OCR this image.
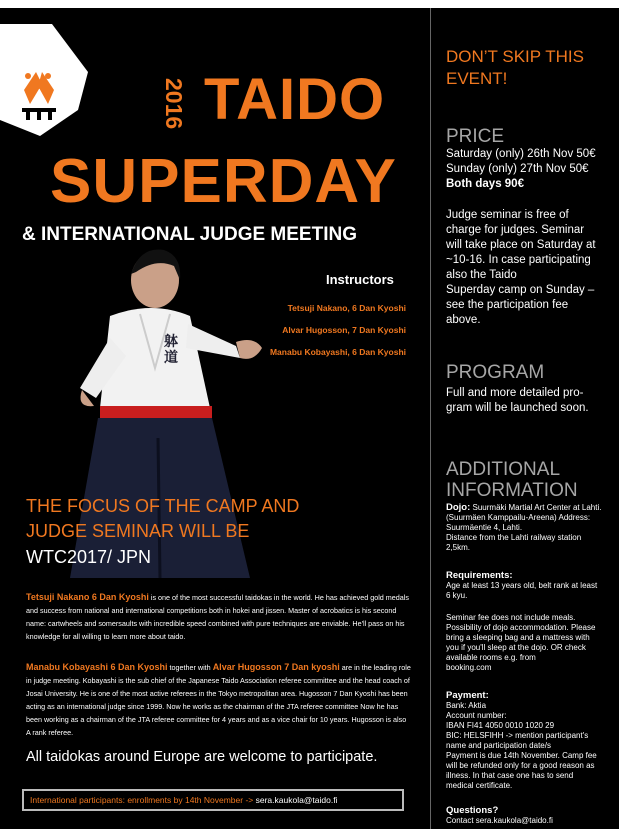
2016 TAIDO
SUPERDAY
& INTERNATIONAL JUDGE MEETING
躰
道
Instructors
Tetsuji Nakano, 6 Dan Kyoshi
Alvar Hugosson, 7 Dan Kyoshi
Manabu Kobayashi, 6 Dan Kyoshi
THE FOCUS OF THE CAMP AND
JUDGE SEMINAR WILL BE
WTC2017/ JPN
Tetsuji Nakano 6 Dan Kyoshi is one of the most successful taidokas in the world. He has achieved gold medals and success from national and international competitions both in hokei and jissen. Master of acrobatics is his second name: cartwheels and somersaults with incredible speed combined with pure techniques are enviable. He'll pass on his knowledge for all willing to learn more about taido.
Manabu Kobayashi 6 Dan Kyoshi together with Alvar Hugosson 7 Dan kyoshi are in the leading role in judge meeting. Kobayashi is the sub chief of the Japanese Taido Association referee committee and the head coach of Josai University. He is one of the most active referees in the Tokyo metropolitan area. Hugosson 7 Dan Kyoshi has been acting as an international judge since 1999. Now he works as the chairman of the JTA referee committee Now he has been working as a chairman of the JTA referee committee for 4 years and as a vice chair for 10 years. Hugosson is also A rank referee.
All taidokas around Europe are welcome to participate.
International participants: enrollments by 14th November -> sera.kaukola@taido.fi
DON’T SKIP THIS
EVENT!
PRICE
Saturday (only) 26th Nov 50€
Sunday (only) 27th Nov 50€
Both days 90€
Judge seminar is free of
charge for judges. Seminar
will take place on Saturday at
~10-16. In case participating
also the Taido
Superday camp on Sunday –
see the participation fee
above.
PROGRAM
Full and more detailed pro-
gram will be launched soon.
ADDITIONAL
INFORMATION
Dojo: Suurmäki Martial Art Center at Lahti.
(Suurmäen Kamppailu-Areena) Address:
Suurmäentie 4, Lahti.
Distance from the Lahti railway station
2,5km.
Requirements:
Age at least 13 years old, belt rank at least
6 kyu.
Seminar fee does not include meals.
Possibility of dojo accommodation. Please
bring a sleeping bag and a mattress with
you if you'll sleep at the dojo. OR check
available rooms e.g. from
booking.com
Payment:
Bank: Aktia
Account number:
IBAN FI41 4050 0010 1020 29
BIC: HELSFIHH -> mention participant's
name and participation date/s
Payment is due 14th November. Camp fee
will be refunded only for a good reason as
illness. In that case one has to send
medical certificate.
Questions?
Contact sera.kaukola@taido.fi
